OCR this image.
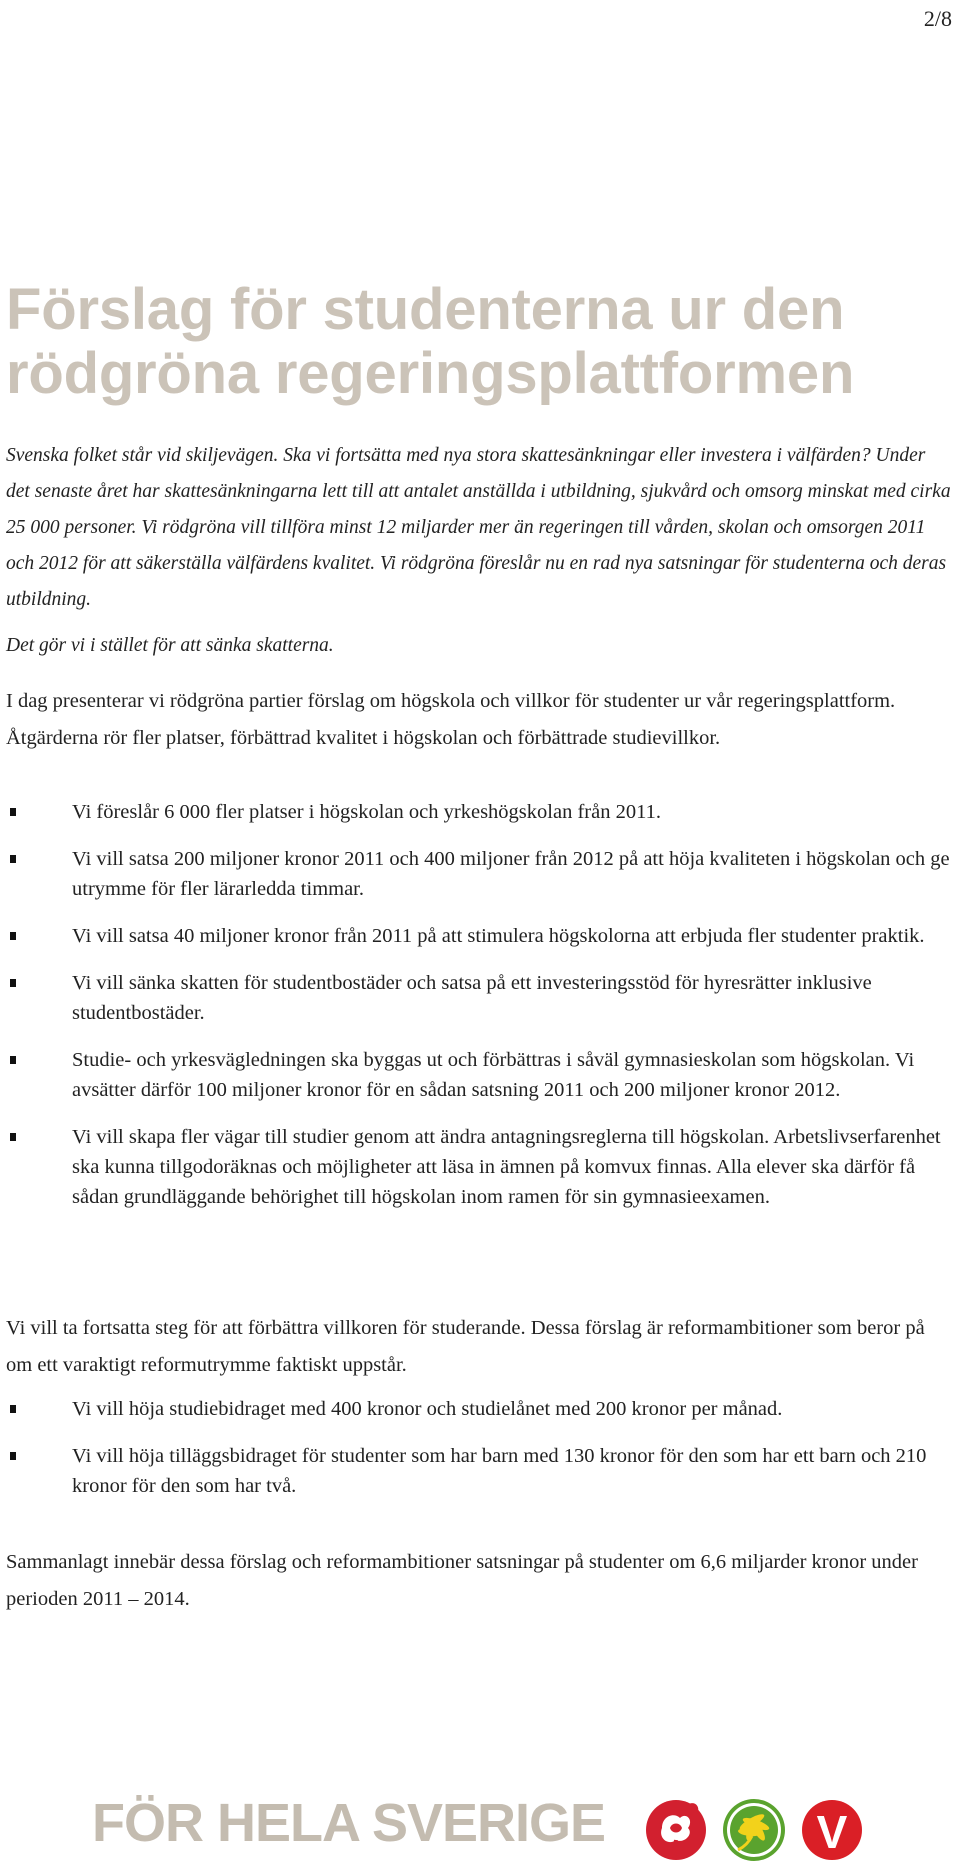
2/8
Förslag för studenterna ur den
rödgröna regeringsplattformen

Svenska folket står vid skiljevägen. Ska vi fortsätta med nya stora skattesänkningar eller investera i välfärden? Under det senaste året har skattesänkningarna lett till att antalet anställda i utbildning, sjukvård och omsorg minskat med cirka 25 000 personer. Vi rödgröna vill tillföra minst 12 miljarder mer än regeringen till vården, skolan och omsorgen 2011 och 2012 för att säkerställa välfärdens kvalitet. Vi rödgröna föreslår nu en rad nya satsningar för studenterna och deras utbildning.

Det gör vi i stället för att sänka skatterna.

I dag presenterar vi rödgröna partier förslag om högskola och villkor för studenter ur vår regeringsplattform. Åtgärderna rör fler platser, förbättrad kvalitet i högskolan och förbättrade studievillkor.

Vi föreslår 6 000 fler platser i högskolan och yrkeshögskolan från 2011.
Vi vill satsa 200 miljoner kronor 2011 och 400 miljoner från 2012 på att höja kvaliteten i högskolan och ge utrymme för fler lärarledda timmar.
Vi vill satsa 40 miljoner kronor från 2011 på att stimulera högskolorna att erbjuda fler studenter praktik.
Vi vill sänka skatten för studentbostäder och satsa på ett investeringsstöd för hyresrätter inklusive studentbostäder.
Studie- och yrkesvägledningen ska byggas ut och förbättras i såväl gymnasieskolan som högskolan. Vi avsätter därför 100 miljoner kronor för en sådan satsning 2011 och 200 miljoner kronor 2012.
Vi vill skapa fler vägar till studier genom att ändra antagningsreglerna till högskolan. Arbetslivserfarenhet ska kunna tillgodoräknas och möjligheter att läsa in ämnen på komvux finnas. Alla elever ska därför få sådan grundläggande behörighet till högskolan inom ramen för sin gymnasieexamen.

Vi vill ta fortsatta steg för att förbättra villkoren för studerande. Dessa förslag är reformambitioner som beror på om ett varaktigt reformutrymme faktiskt uppstår.

Vi vill höja studiebidraget med 400 kronor och studielånet med 200 kronor per månad.
Vi vill höja tilläggsbidraget för studenter som har barn med 130 kronor för den som har ett barn och 210 kronor för den som har två.

Sammanlagt innebär dessa förslag och reformambitioner satsningar på studenter om 6,6 miljarder kronor under perioden 2011 – 2014.

FÖR HELA SVERIGE	V
